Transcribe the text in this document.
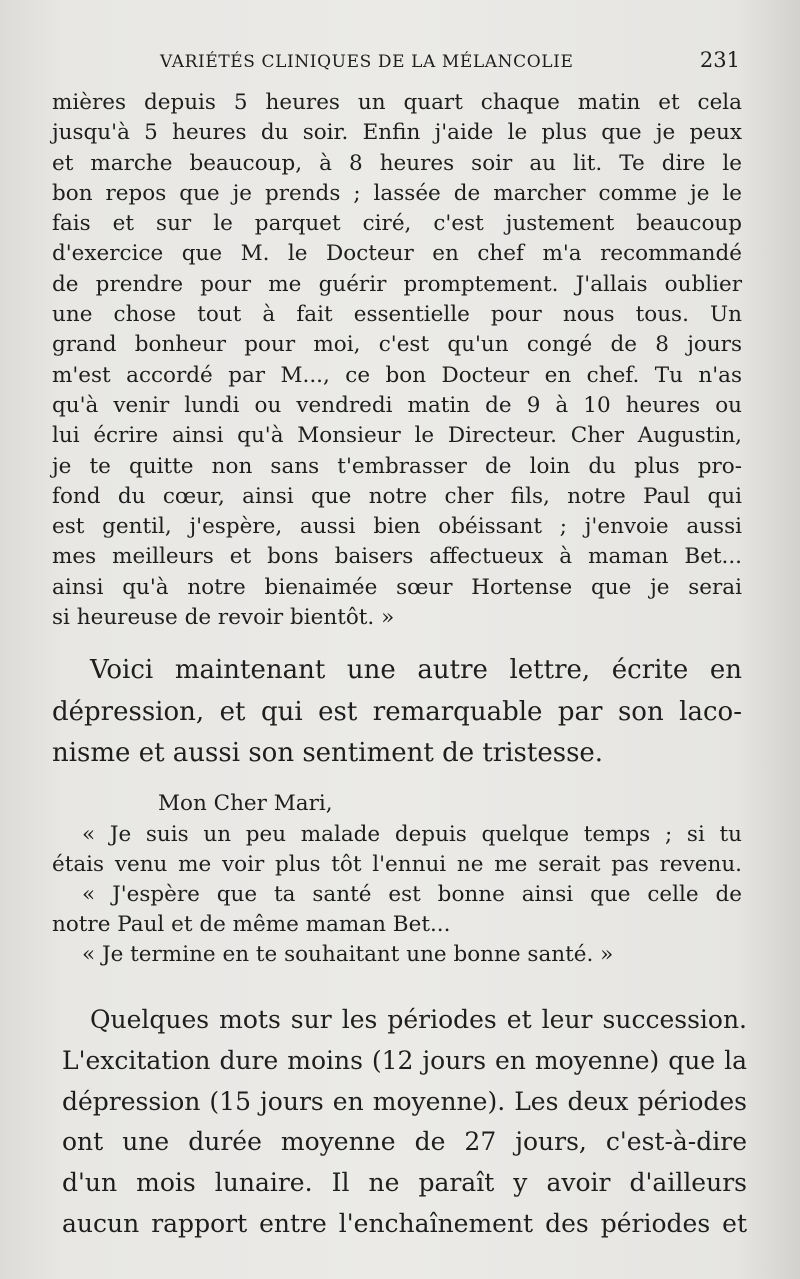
VARIÉTÉS CLINIQUES DE LA MÉLANCOLIE	231
mières depuis 5 heures un quart chaque matin et cela
jusqu'à 5 heures du soir. Enfin j'aide le plus que je peux
et marche beaucoup, à 8 heures soir au lit. Te dire le
bon repos que je prends ; lassée de marcher comme je le
fais et sur le parquet ciré, c'est justement beaucoup
d'exercice que M. le Docteur en chef m'a recommandé
de prendre pour me guérir promptement. J'allais oublier
une chose tout à fait essentielle pour nous tous. Un
grand bonheur pour moi, c'est qu'un congé de 8 jours
m'est accordé par M..., ce bon Docteur en chef. Tu n'as
qu'à venir lundi ou vendredi matin de 9 à 10 heures ou
lui écrire ainsi qu'à Monsieur le Directeur. Cher Augustin,
je te quitte non sans t'embrasser de loin du plus pro-
fond du cœur, ainsi que notre cher fils, notre Paul qui
est gentil, j'espère, aussi bien obéissant ; j'envoie aussi
mes meilleurs et bons baisers affectueux à maman Bet...
ainsi qu'à notre bienaimée sœur Hortense que je serai
si heureuse de revoir bientôt. »
Voici maintenant une autre lettre, écrite en
dépression, et qui est remarquable par son laco-
nisme et aussi son sentiment de tristesse.
Mon Cher Mari,
« Je suis un peu malade depuis quelque temps ; si tu
étais venu me voir plus tôt l'ennui ne me serait pas revenu.
« J'espère que ta santé est bonne ainsi que celle de
notre Paul et de même maman Bet...
« Je termine en te souhaitant une bonne santé. »
Quelques mots sur les périodes et leur succession.
L'excitation dure moins (12 jours en moyenne) que la
dépression (15 jours en moyenne). Les deux périodes
ont une durée moyenne de 27 jours, c'est-à-dire
d'un mois lunaire. Il ne paraît y avoir d'ailleurs
aucun rapport entre l'enchaînement des périodes et
